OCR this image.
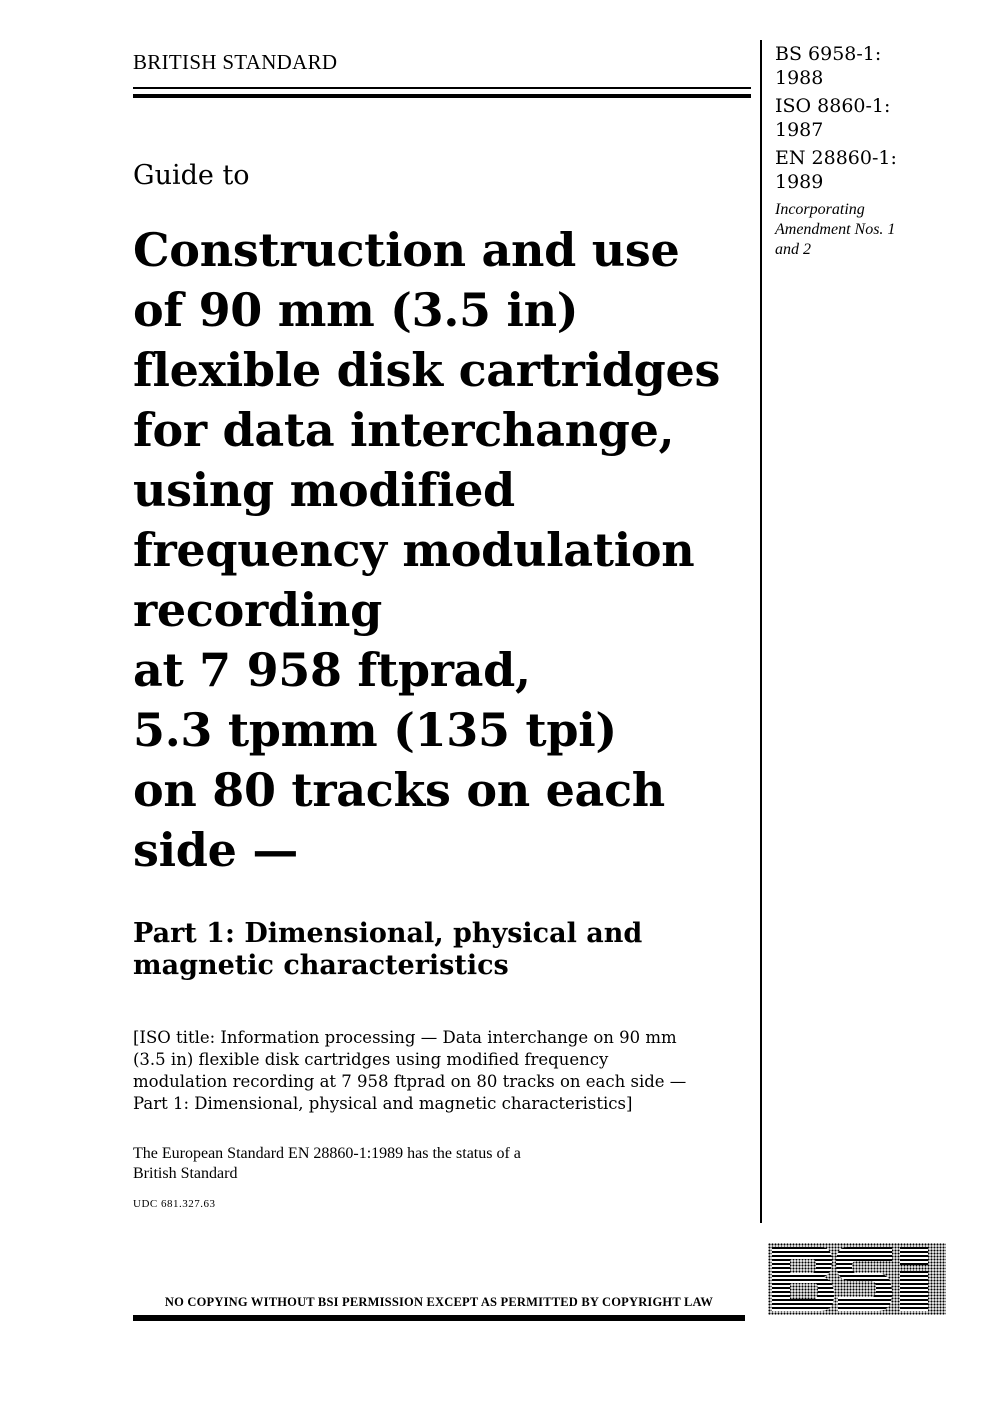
BRITISH STANDARD	BS 6958-1:
1988

ISO 8860-1:
1987

EN 28860-1:
1989

Incorporating
Amendment Nos. 1
and 2
Guide to
Construction and use
of 90 mm (3.5 in)
flexible disk cartridges
for data interchange,
using modified
frequency modulation
recording
at 7 958 ftprad,
5.3 tpmm (135 tpi)
on 80 tracks on each
side —
Part 1: Dimensional, physical and
magnetic characteristics
[ISO title: Information processing — Data interchange on 90 mm
(3.5 in) flexible disk cartridges using modified frequency
modulation recording at 7 958 ftprad on 80 tracks on each side —
Part 1: Dimensional, physical and magnetic characteristics]
The European Standard EN 28860-1:1989 has the status of a
British Standard
UDC 681.327.63
NO COPYING WITHOUT BSI PERMISSION EXCEPT AS PERMITTED BY COPYRIGHT LAW
